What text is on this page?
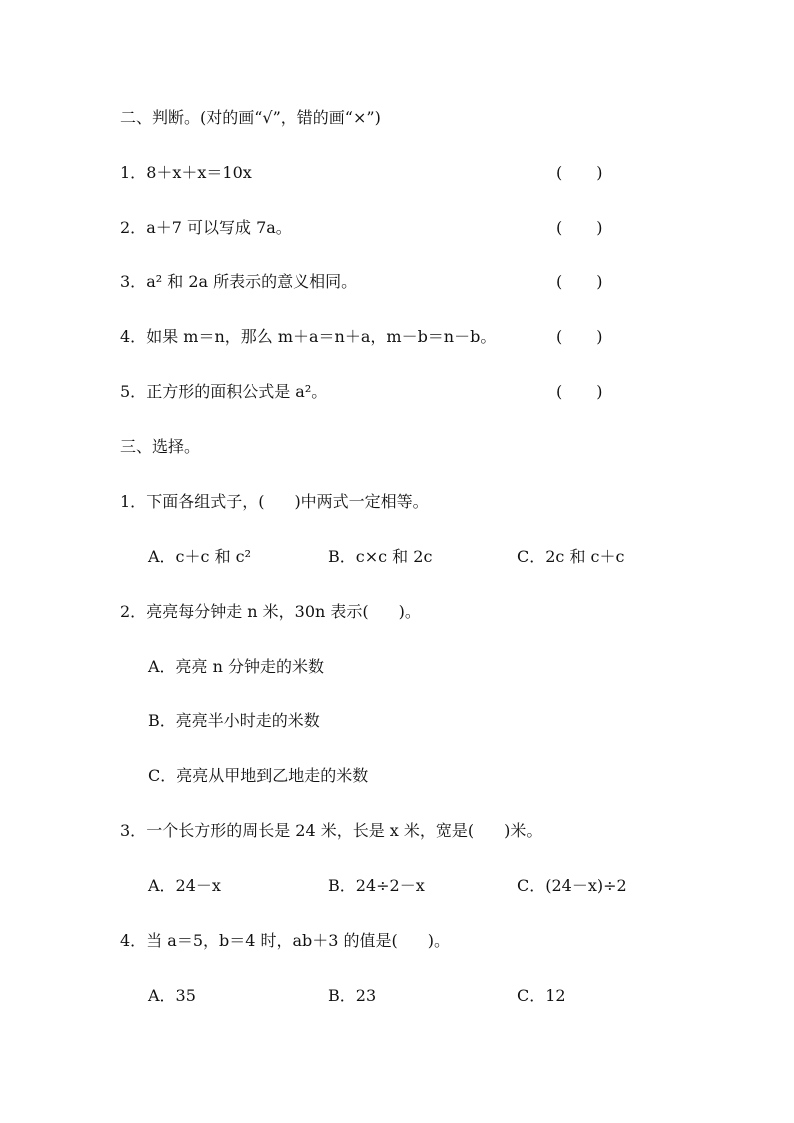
二、判断。(对的画“√”，错的画“×”)
1．8＋x＋x＝10x	( )
2．a＋7 可以写成 7a。	( )
3．a² 和 2a 所表示的意义相同。	( )
4．如果 m＝n，那么 m＋a＝n＋a，m－b＝n－b。	( )
5．正方形的面积公式是 a²。	( )
三、选择。
1．下面各组式子，( )中两式一定相等。
A．c＋c 和 c²	B．c×c 和 2c	C．2c 和 c＋c
2．亮亮每分钟走 n 米，30n 表示( )。
A．亮亮 n 分钟走的米数
B．亮亮半小时走的米数
C．亮亮从甲地到乙地走的米数
3．一个长方形的周长是 24 米，长是 x 米，宽是( )米。
A．24－x	B．24÷2－x	C．(24－x)÷2
4．当 a＝5，b＝4 时，ab＋3 的值是( )。
A．35	B．23	C．12
